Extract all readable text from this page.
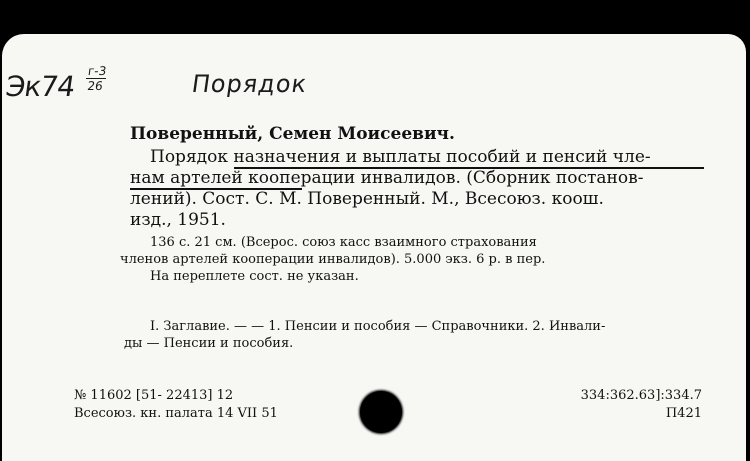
Эк74 г-3
26	Порядок
Поверенный, Семен Моисеевич.
Порядок назначения и выплаты пособий и пенсий чле-
нам артелей кооперации инвалидов. (Сборник постанов-
лений). Сост. С. М. Поверенный. М., Всесоюз. коош.
изд., 1951.
136 с. 21 см. (Всерос. союз касс взаимного страхования
членов артелей кооперации инвалидов). 5.000 экз. 6 р. в пер.
На переплете сост. не указан.
I. Заглавие. — — 1. Пенсии и пособия — Справочники. 2. Инвали-
ды — Пенсии и пособия.
№ 11602 [51- 22413] 12
Всесоюз. кн. палата 14 VII 51
334:362.63]:334.7
П421
